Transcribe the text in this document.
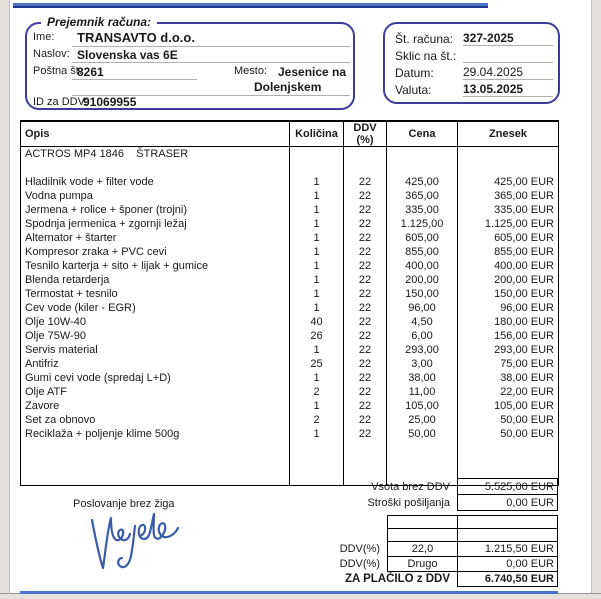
Prejemnik računa:
Ime: TRANSAVTO d.o.o.
Naslov: Slovenska vas 6E
Poštna št.
8261	Mesto: Jesenice na
Dolenjskem
ID za DDV:
91069955
Št. računa: 327-2025
Sklic na št.:
Datum: 29.04.2025
Valuta:	13.05.2025
Opis	Količina	DDV (%)	Cena	Znesek
ACTROS MP4 1846    ŠTRASER				

Hladilnik vode + filter vode	1	22	425,00	425,00 EUR
Vodna pumpa	1	22	365,00	365,00 EUR
Jermena + rolice + šponer (trojni)	1	22	335,00	335,00 EUR
Spodnja jermenica + zgornji ležaj	1	22	1.125,00	1.125,00 EUR
Alternator + štarter	1	22	605,00	605,00 EUR
Kompresor zraka + PVC cevi	1	22	855,00	855,00 EUR
Tesnilo karterja + sito + lijak + gumice	1	22	400,00	400,00 EUR
Blenda retarderja	1	22	200,00	200,00 EUR
Termostat + tesnilo	1	22	150,00	150,00 EUR
Cev vode (kiler - EGR)	1	22	96,00	96,00 EUR
Olje 10W-40	40	22	4,50	180,00 EUR
Olje 75W-90	26	22	6,00	156,00 EUR
Servis material	1	22	293,00	293,00 EUR
Antifriz	25	22	3,00	75,00 EUR
Gumi cevi vode (spredaj L+D)	1	22	38,00	38,00 EUR
Olje ATF	2	22	11,00	22,00 EUR
Zavore	1	22	105,00	105,00 EUR
Set za obnovo	2	22	25,00	50,00 EUR
Reciklaža + poljenje klime 500g	1	22	50,00	50,00 EUR

Vsota brez DDV	5.525,00 EUR
Stroški pošiljanja	0,00 EUR
DDV(%)	22,0	1.215,50 EUR
DDV(%)	Drugo	0,00 EUR
ZA PLAČILO z DDV	6.740,50 EUR
Poslovanje brez žiga
